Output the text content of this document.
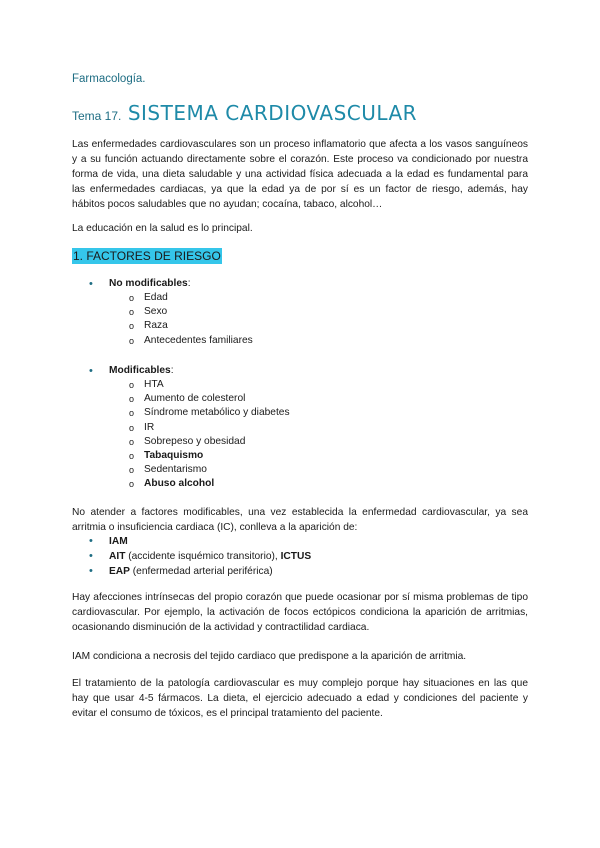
Farmacología.
Tema 17. SISTEMA CARDIOVASCULAR

Las enfermedades cardiovasculares son un proceso inflamatorio que afecta a los vasos sanguíneos y a su función actuando directamente sobre el corazón. Este proceso va condicionado por nuestra forma de vida, una dieta saludable y una actividad física adecuada a la edad es fundamental para las enfermedades cardiacas, ya que la edad ya de por sí es un factor de riesgo, además, hay hábitos pocos saludables que no ayudan; cocaína, tabaco, alcohol…

La educación en la salud es lo principal.

1. FACTORES DE RIESGO
• No modificables:
o Edad
o Sexo
o Raza
o Antecedentes familiares
• Modificables:
o HTA
o Aumento de colesterol
o Síndrome metabólico y diabetes
o IR
o Sobrepeso y obesidad
o Tabaquismo
o Sedentarismo
o Abuso alcohol

No atender a factores modificables, una vez establecida la enfermedad cardiovascular, ya sea arritmia o insuficiencia cardiaca (IC), conlleva a la aparición de:

• IAM
• AIT (accidente isquémico transitorio), ICTUS
• EAP (enfermedad arterial periférica)

Hay afecciones intrínsecas del propio corazón que puede ocasionar por sí misma problemas de tipo cardiovascular. Por ejemplo, la activación de focos ectópicos condiciona la aparición de arritmias, ocasionando disminución de la actividad y contractilidad cardiaca.

IAM condiciona a necrosis del tejido cardiaco que predispone a la aparición de arritmia.

El tratamiento de la patología cardiovascular es muy complejo porque hay situaciones en las que hay que usar 4-5 fármacos. La dieta, el ejercicio adecuado a edad y condiciones del paciente y evitar el consumo de tóxicos, es el principal tratamiento del paciente.
